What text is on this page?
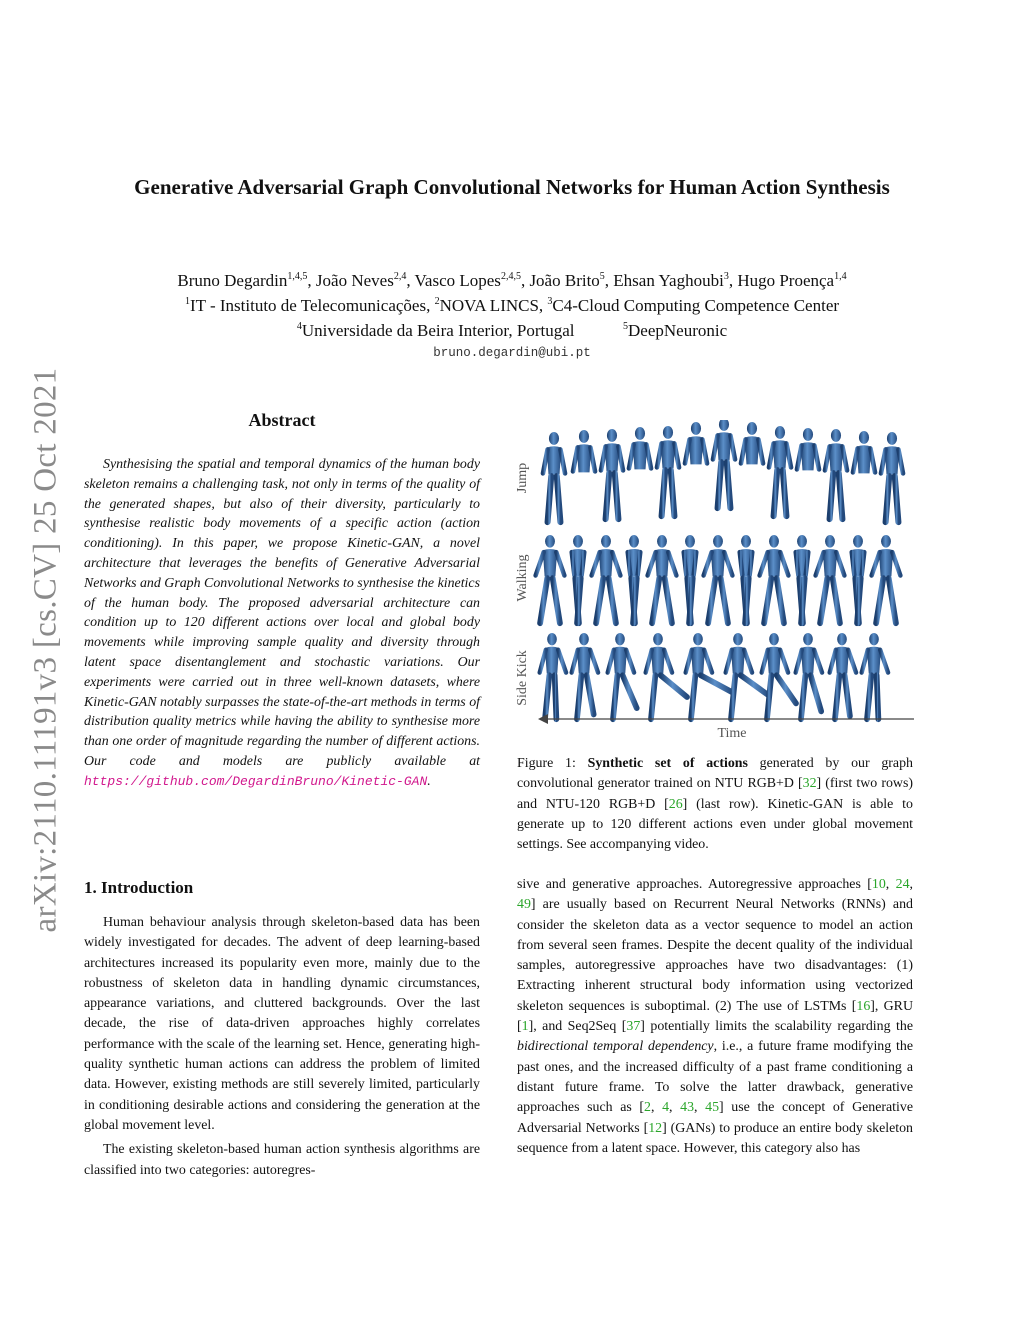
arXiv:2110.11191v3 [cs.CV] 25 Oct 2021
Generative Adversarial Graph Convolutional Networks for Human Action Synthesis
Bruno Degardin$^{1,4,5}$, João Neves$^{2,4}$, Vasco Lopes$^{2,4,5}$, João Brito$^5$, Ehsan Yaghoubi$^3$, Hugo Proença$^{1,4}$
$^1$IT - Instituto de Telecomunicações, $^2$NOVA LINCS, $^3$C4-Cloud Computing Competence Center
$^4$Universidade da Beira Interior, Portugal	$^5$DeepNeuronic
bruno.degardin@ubi.pt
Abstract
Synthesising the spatial and temporal dynamics of the human body skeleton remains a challenging task, not only in terms of the quality of the generated shapes, but also of their diversity, particularly to synthesise realistic body movements of a specific action (action conditioning). In this paper, we propose Kinetic-GAN, a novel architecture that leverages the benefits of Generative Adversarial Networks and Graph Convolutional Networks to synthesise the kinetics of the human body. The proposed adversarial architecture can condition up to 120 different actions over local and global body movements while improving sample quality and diversity through latent space disentanglement and stochastic variations. Our experiments were carried out in three well-known datasets, where Kinetic-GAN notably surpasses the state-of-the-art methods in terms of distribution quality metrics while having the ability to synthesise more than one order of magnitude regarding the number of different actions. Our code and models are publicly available at https://github.com/DegardinBruno/Kinetic-GAN.
1. Introduction

Human behaviour analysis through skeleton-based data has been widely investigated for decades. The advent of deep learning-based architectures increased its popularity even more, mainly due to the robustness of skeleton data in handling dynamic circumstances, appearance variations, and cluttered backgrounds. Over the last decade, the rise of data-driven approaches highly correlates performance with the scale of the learning set. Hence, generating high-quality synthetic human actions can address the problem of limited data. However, existing methods are still severely limited, particularly in conditioning desirable actions and considering the generation at the global movement level.

The existing skeleton-based human action synthesis algorithms are classified into two categories: autoregres-

Jump
Walking
Side Kick
Time
Figure 1: Synthetic set of actions generated by our graph convolutional generator trained on NTU RGB+D [32] (first two rows) and NTU-120 RGB+D [26] (last row). Kinetic-GAN is able to generate up to 120 different actions even under global movement settings. See accompanying video.

sive and generative approaches. Autoregressive approaches [10, 24, 49] are usually based on Recurrent Neural Networks (RNNs) and consider the skeleton data as a vector sequence to model an action from several seen frames. Despite the decent quality of the individual samples, autoregressive approaches have two disadvantages: (1) Extracting inherent structural body information using vectorized skeleton sequences is suboptimal. (2) The use of LSTMs [16], GRU [1], and Seq2Seq [37] potentially limits the scalability regarding the bidirectional temporal dependency, i.e., a future frame modifying the past ones, and the increased difficulty of a past frame conditioning a distant future frame. To solve the latter drawback, generative approaches such as [2, 4, 43, 45] use the concept of Generative Adversarial Networks [12] (GANs) to produce an entire body skeleton sequence from a latent space. However, this category also has
